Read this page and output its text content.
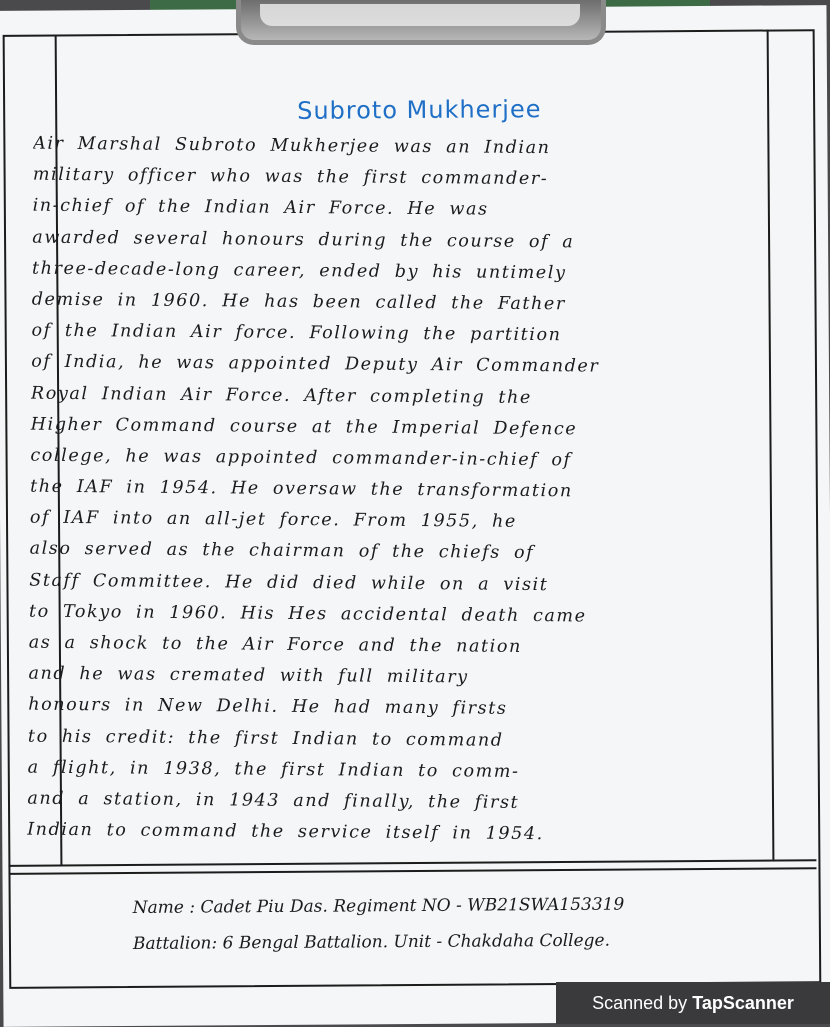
Subroto Mukherjee
Air Marshal Subroto Mukherjee was an Indian
military officer who was the first commander-
in-chief of the Indian Air Force. He was
awarded several honours during the course of a
three-decade-long career, ended by his untimely
demise in 1960. He has been called the Father
of the Indian Air force. Following the partition
of India, he was appointed Deputy Air Commander
Royal Indian Air Force. After completing the
Higher Command course at the Imperial Defence
college, he was appointed commander-in-chief of
the IAF in 1954. He oversaw the transformation
of IAF into an all-jet force. From 1955, he
also served as the chairman of the chiefs of
Staff Committee. He did died while on a visit
to Tokyo in 1960. His Hes accidental death came
as a shock to the Air Force and the nation
and he was cremated with full military
honours in New Delhi. He had many firsts
to his credit: the first Indian to command
a flight, in 1938, the first Indian to comm-
and a station, in 1943 and finally, the first
Indian to command the service itself in 1954.
Name : Cadet Piu Das. Regiment NO - WB21SWA153319
Battalion: 6 Bengal Battalion. Unit - Chakdaha College.
Scanned by TapScanner
